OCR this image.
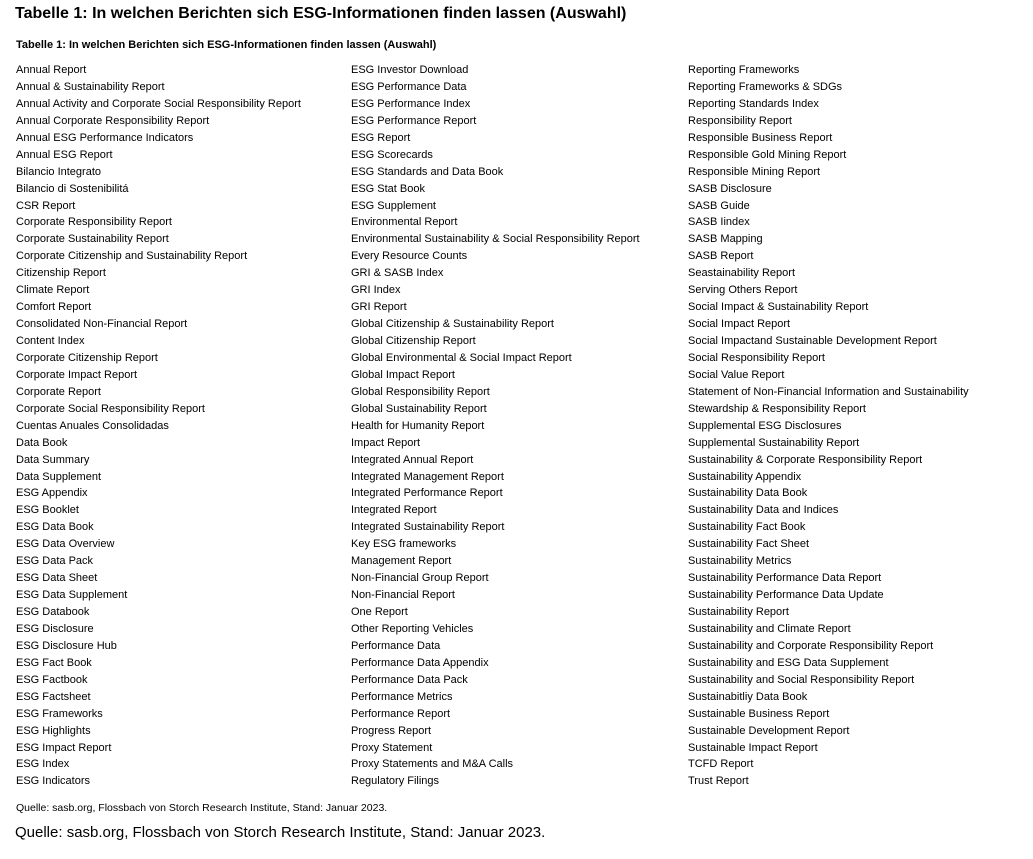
Tabelle 1: In welchen Berichten sich ESG-Informationen finden lassen (Auswahl)
Tabelle 1: In welchen Berichten sich ESG-Informationen finden lassen (Auswahl)
Annual Report
Annual & Sustainability Report
Annual Activity and Corporate Social Responsibility Report
Annual Corporate Responsibility Report
Annual ESG Performance Indicators
Annual ESG Report
Bilancio Integrato
Bilancio di Sostenibilitá
CSR Report
Corporate Responsibility Report
Corporate Sustainability Report
Corporate Citizenship and Sustainability Report
Citizenship Report
Climate Report
Comfort Report
Consolidated Non-Financial Report
Content Index
Corporate Citizenship Report
Corporate Impact Report
Corporate Report
Corporate Social Responsibility Report
Cuentas Anuales Consolidadas
Data Book
Data Summary
Data Supplement
ESG Appendix
ESG Booklet
ESG Data Book
ESG Data Overview
ESG Data Pack
ESG Data Sheet
ESG Data Supplement
ESG Databook
ESG Disclosure
ESG Disclosure Hub
ESG Fact Book
ESG Factbook
ESG Factsheet
ESG Frameworks
ESG Highlights
ESG Impact Report
ESG Index
ESG Indicators
ESG Investor Download
ESG Performance Data
ESG Performance Index
ESG Performance Report
ESG Report
ESG Scorecards
ESG Standards and Data Book
ESG Stat Book
ESG Supplement
Environmental Report
Environmental Sustainability & Social Responsibility Report
Every Resource Counts
GRI & SASB Index
GRI Index
GRI Report
Global Citizenship & Sustainability Report
Global Citizenship Report
Global Environmental & Social Impact Report
Global Impact Report
Global Responsibility Report
Global Sustainability Report
Health for Humanity Report
Impact Report
Integrated Annual Report
Integrated Management Report
Integrated Performance Report
Integrated Report
Integrated Sustainability Report
Key ESG frameworks
Management Report
Non-Financial Group Report
Non-Financial Report
One Report
Other Reporting Vehicles
Performance Data
Performance Data Appendix
Performance Data Pack
Performance Metrics
Performance Report
Progress Report
Proxy Statement
Proxy Statements and M&A Calls
Regulatory Filings
Reporting Frameworks
Reporting Frameworks & SDGs
Reporting Standards Index
Responsibility Report
Responsible Business Report
Responsible Gold Mining Report
Responsible Mining Report
SASB Disclosure
SASB Guide
SASB Iindex
SASB Mapping
SASB Report
Seastainability Report
Serving Others Report
Social Impact & Sustainability Report
Social Impact Report
Social Impactand Sustainable Development Report
Social Responsibility Report
Social Value Report
Statement of Non-Financial Information and Sustainability
Stewardship & Responsibility Report
Supplemental ESG Disclosures
Supplemental Sustainability Report
Sustainability & Corporate Responsibility Report
Sustainability Appendix
Sustainability Data Book
Sustainability Data and Indices
Sustainability Fact Book
Sustainability Fact Sheet
Sustainability Metrics
Sustainability Performance Data Report
Sustainability Performance Data Update
Sustainability Report
Sustainability and Climate Report
Sustainability and Corporate Responsibility Report
Sustainability and ESG Data Supplement
Sustainability and Social Responsibility Report
Sustainabitliy Data Book
Sustainable Business Report
Sustainable Development Report
Sustainable Impact Report
TCFD Report
Trust Report
Quelle: sasb.org, Flossbach von Storch Research Institute, Stand: Januar 2023.
Quelle: sasb.org, Flossbach von Storch Research Institute, Stand: Januar 2023.
